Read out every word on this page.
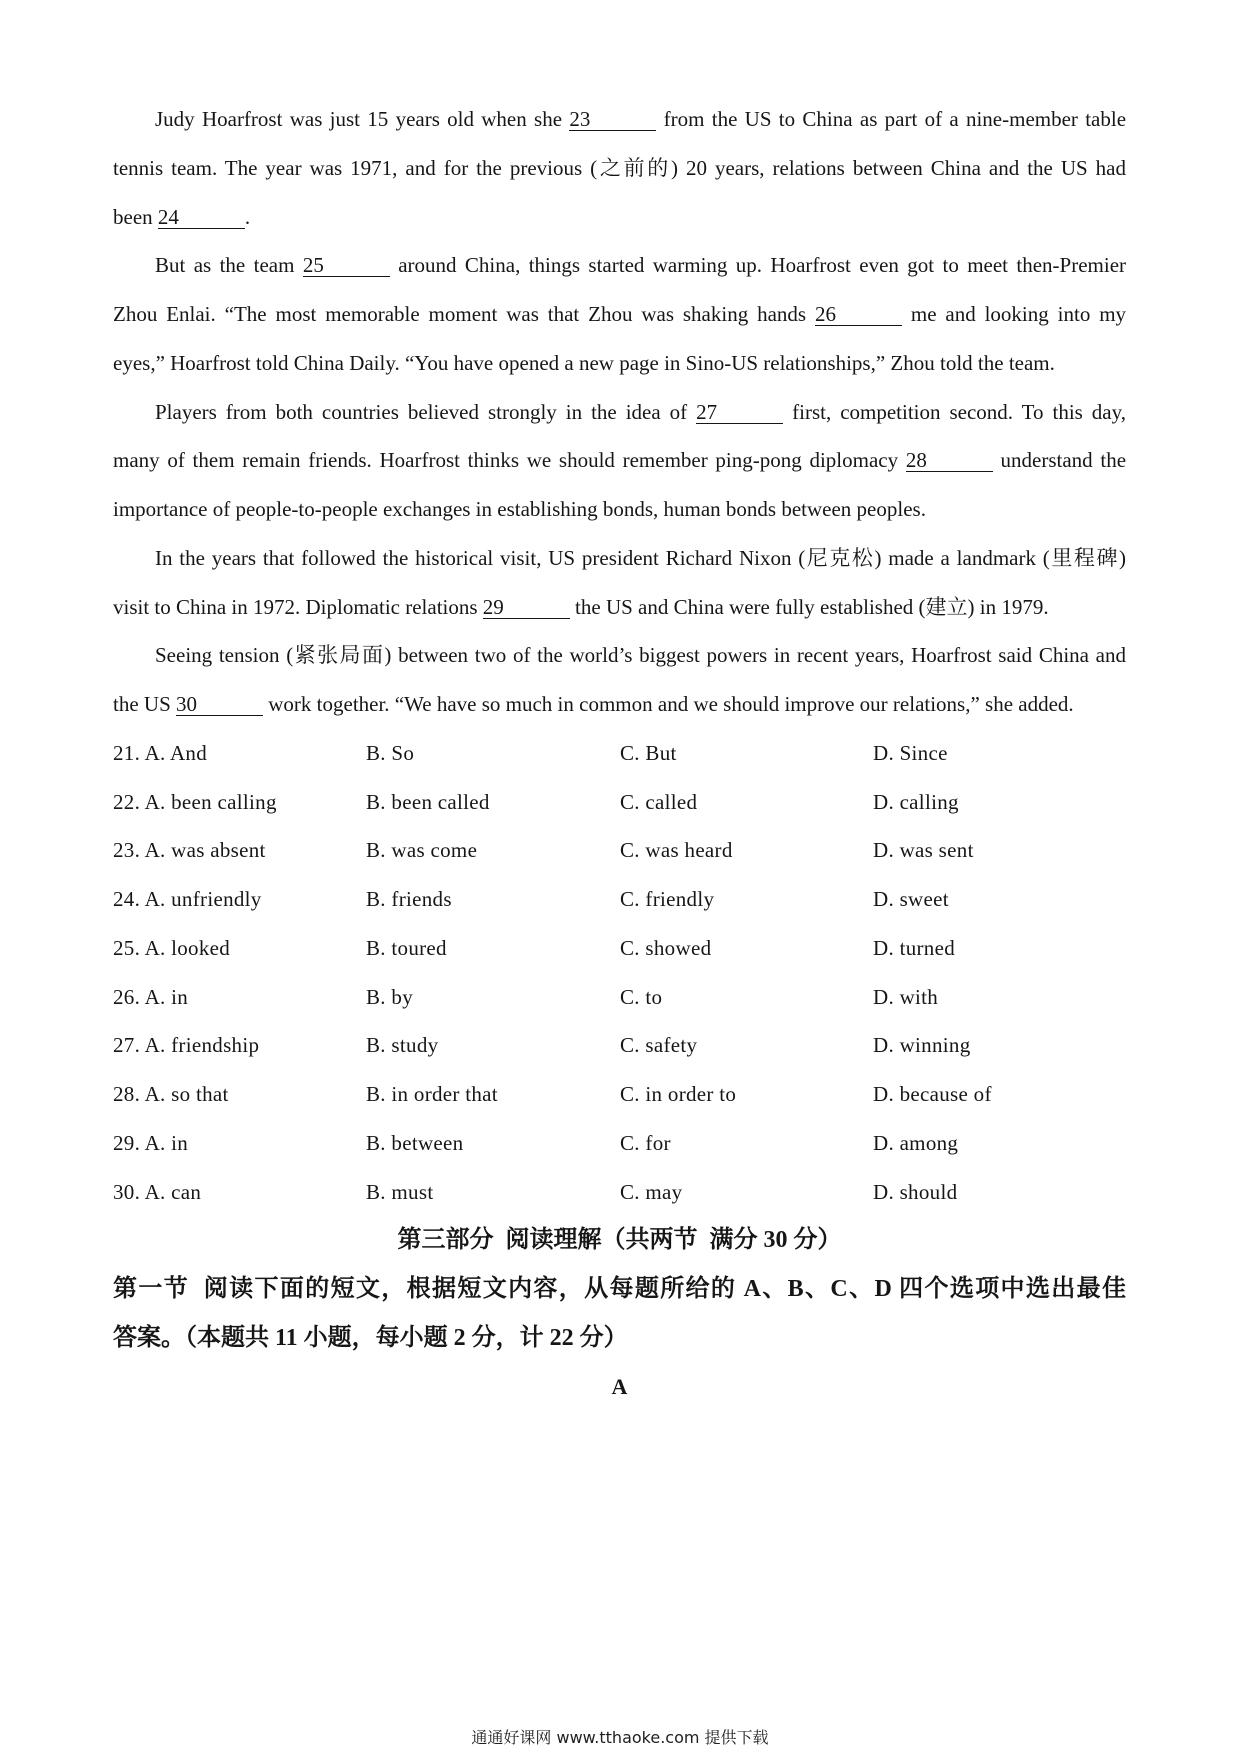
Judy Hoarfrost was just 15 years old when she 23	from the US to China as part of a nine-member table
tennis team. The year was 1971, and for the previous (之前的) 20 years, relations between China and the US had
been 24	.
But as the team 25	around China, things started warming up. Hoarfrost even got to meet then-Premier
Zhou Enlai. “The most memorable moment was that Zhou was shaking hands 26	me and looking into my
eyes,” Hoarfrost told China Daily. “You have opened a new page in Sino-US relationships,” Zhou told the team.
Players from both countries believed strongly in the idea of 27	first, competition second. To this day,
many of them remain friends. Hoarfrost thinks we should remember ping-pong diplomacy 28	understand the
importance of people-to-people exchanges in establishing bonds, human bonds between peoples.
In the years that followed the historical visit, US president Richard Nixon (尼克松) made a landmark (里程碑)
visit to China in 1972. Diplomatic relations 29	the US and China were fully established (建立) in 1979.
Seeing tension (紧张局面) between two of the world’s biggest powers in recent years, Hoarfrost said China and
the US 30	work together. “We have so much in common and we should improve our relations,” she added.
21. A. And	B. So	C. But	D. Since
22. A. been calling	B. been called	C. called	D. calling
23. A. was absent	B. was come	C. was heard	D. was sent
24. A. unfriendly	B. friends	C. friendly	D. sweet
25. A. looked	B. toured	C. showed	D. turned
26. A. in	B. by	C. to	D. with
27. A. friendship	B. study	C. safety	D. winning
28. A. so that	B. in order that	C. in order to	D. because of
29. A. in	B. between	C. for	D. among
30. A. can	B. must	C. may	D. should
第三部分  阅读理解（共两节  满分 30 分）
第一节  阅读下面的短文，根据短文内容，从每题所给的 A、B、C、D 四个选项中选出最佳
答案。（本题共 11 小题，每小题 2 分，计 22 分）
A
通通好课网 www.tthaoke.com 提供下载
